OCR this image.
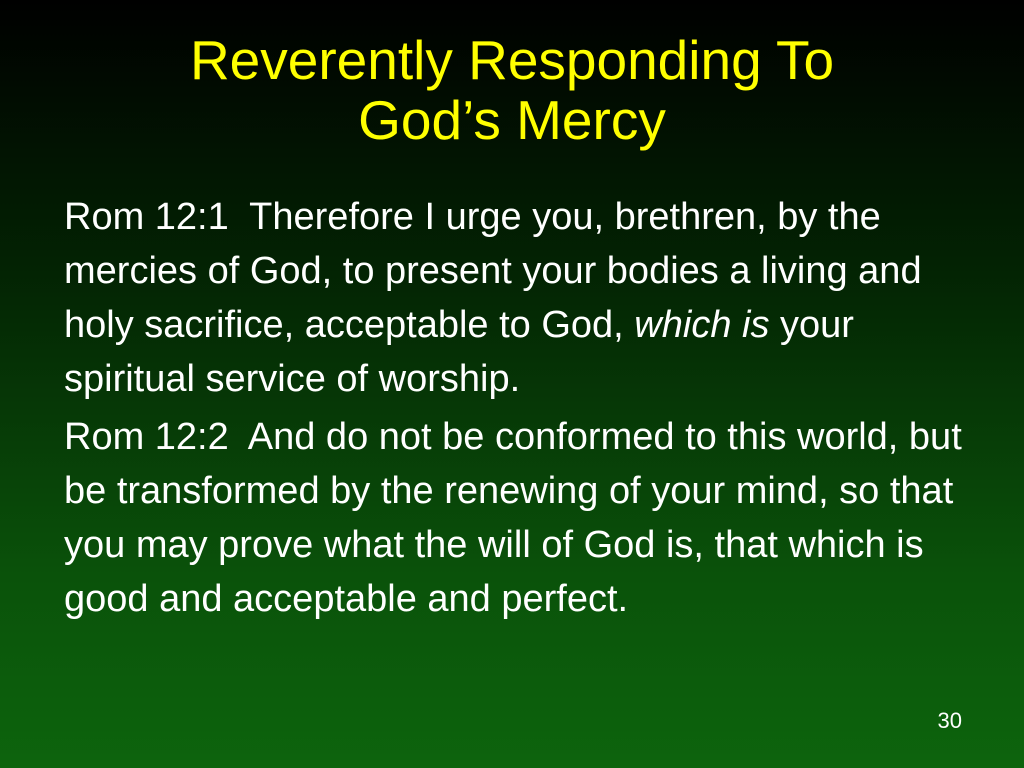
Reverently Responding To
God’s Mercy

Rom 12:1  Therefore I urge you, brethren, by the mercies of God, to present your bodies a living and holy sacrifice, acceptable to God, which is your spiritual service of worship.

Rom 12:2  And do not be conformed to this world, but be transformed by the renewing of your mind, so that you may prove what the will of God is, that which is good and acceptable and perfect.

30
